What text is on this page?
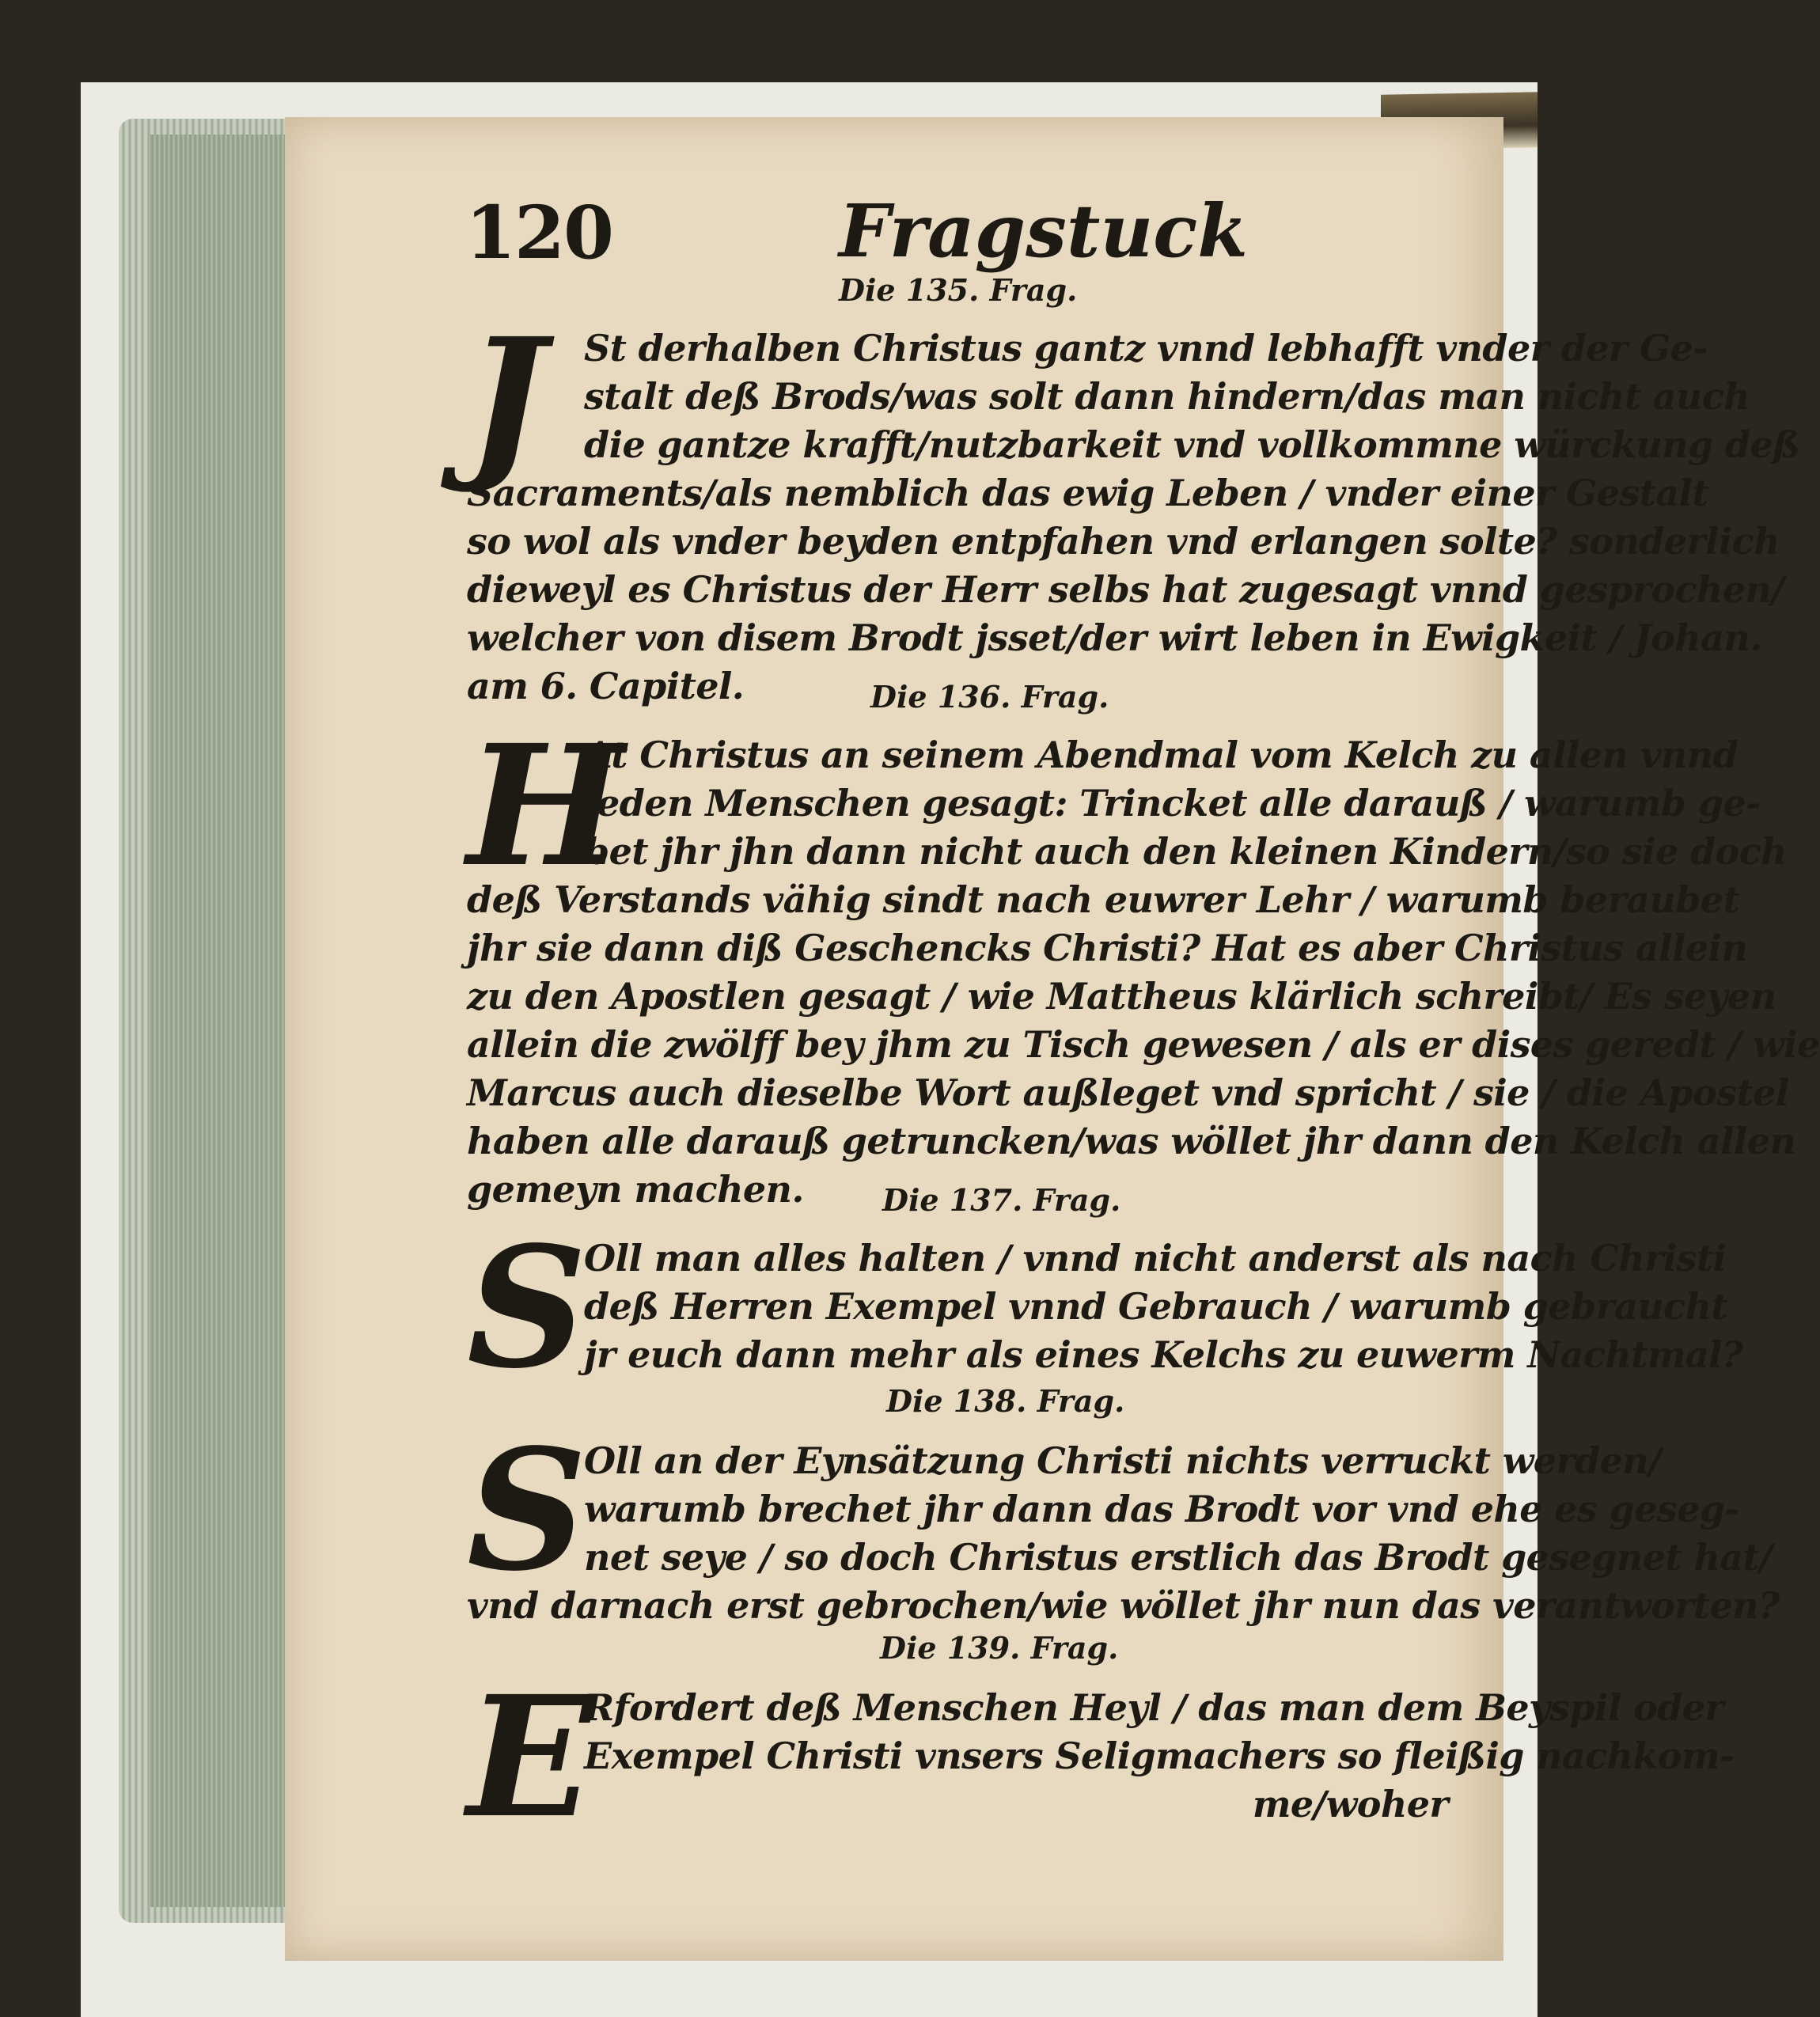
120	Fragstuck
Die 135. Frag.
J	St derhalben Christus gantz vnnd lebhafft vnder der Ge-
stalt deß Brods/was solt dann hindern/das man nicht auch
die gantze krafft/nutzbarkeit vnd vollkommne würckung deß
Sacraments/als nemblich das ewig Leben / vnder einer Gestalt
so wol als vnder beyden entpfahen vnd erlangen solte? sonderlich
dieweyl es Christus der Herr selbs hat zugesagt vnnd gesprochen/
welcher von disem Brodt jsset/der wirt leben in Ewigkeit / Johan.
am 6. Capitel.	Die 136. Frag.
H
At Christus an seinem Abendmal vom Kelch zu allen vnnd
jeden Menschen gesagt: Trincket alle darauß / warumb ge-
bet jhr jhn dann nicht auch den kleinen Kindern/so sie doch
deß Verstands vähig sindt nach euwrer Lehr / warumb beraubet
jhr sie dann diß Geschencks Christi? Hat es aber Christus allein
zu den Apostlen gesagt / wie Mattheus klärlich schreibt/ Es seyen
allein die zwölff bey jhm zu Tisch gewesen / als er dises geredt / wie
Marcus auch dieselbe Wort außleget vnd spricht / sie / die Apostel
haben alle darauß getruncken/was wöllet jhr dann den Kelch allen
gemeyn machen.	Die 137. Frag.
S
Oll man alles halten / vnnd nicht anderst als nach Christi
deß Herren Exempel vnnd Gebrauch / warumb gebraucht
jr euch dann mehr als eines Kelchs zu euwerm Nachtmal?
Die 138. Frag.
S
Oll an der Eynsätzung Christi nichts verruckt werden/
warumb brechet jhr dann das Brodt vor vnd ehe es geseg-
net seye / so doch Christus erstlich das Brodt gesegnet hat/
vnd darnach erst gebrochen/wie wöllet jhr nun das verantworten?
Die 139. Frag.
E
Rfordert deß Menschen Heyl / das man dem Beyspil oder
Exempel Christi vnsers Seligmachers so fleißig nachkom-
me/woher
